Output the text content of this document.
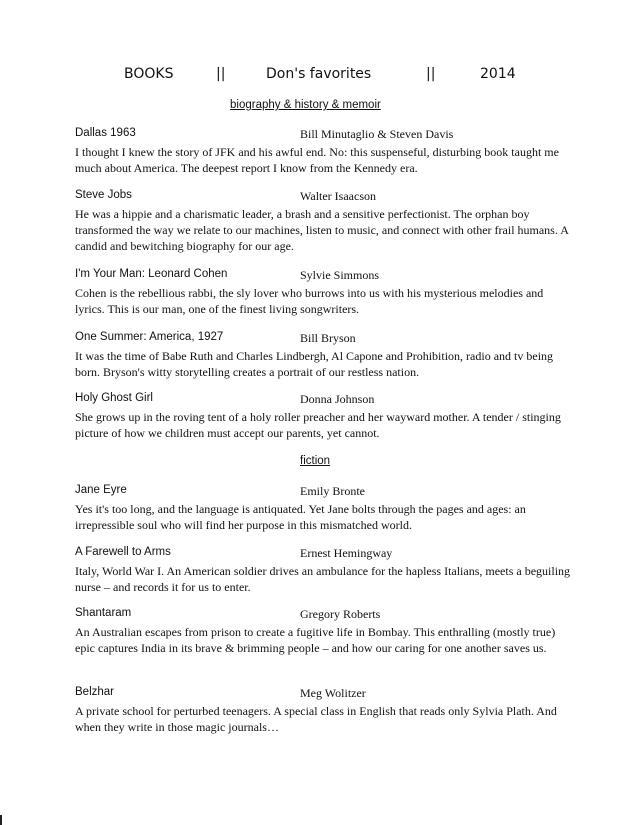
BOOKS	||	Don's favorites	||	2014
biography & history & memoir
Dallas 1963	Bill Minutaglio & Steven Davis

I thought I knew the story of JFK and his awful end. No: this suspenseful, disturbing book taught me much about America. The deepest report I know from the Kennedy era.

Steve Jobs	Walter Isaacson

He was a hippie and a charismatic leader, a brash and a sensitive perfectionist. The orphan boy transformed the way we relate to our machines, listen to music, and connect with other frail humans. A candid and bewitching biography for our age.

I'm Your Man: Leonard Cohen	Sylvie Simmons

Cohen is the rebellious rabbi, the sly lover who burrows into us with his mysterious melodies and lyrics. This is our man, one of the finest living songwriters.

One Summer: America, 1927	Bill Bryson

It was the time of Babe Ruth and Charles Lindbergh, Al Capone and Prohibition, radio and tv being born. Bryson's witty storytelling creates a portrait of our restless nation.

Holy Ghost Girl	Donna Johnson

She grows up in the roving tent of a holy roller preacher and her wayward mother. A tender / stinging picture of how we children must accept our parents, yet cannot.

fiction
Jane Eyre	Emily Bronte

Yes it's too long, and the language is antiquated. Yet Jane bolts through the pages and ages: an irrepressible soul who will find her purpose in this mismatched world.

A Farewell to Arms	Ernest Hemingway

Italy, World War I. An American soldier drives an ambulance for the hapless Italians, meets a beguiling nurse – and records it for us to enter.

Shantaram	Gregory Roberts

An Australian escapes from prison to create a fugitive life in Bombay. This enthralling (mostly true) epic captures India in its brave & brimming people – and how our caring for one another saves us.

Belzhar	Meg Wolitzer

A private school for perturbed teenagers. A special class in English that reads only Sylvia Plath. And when they write in those magic journals…
